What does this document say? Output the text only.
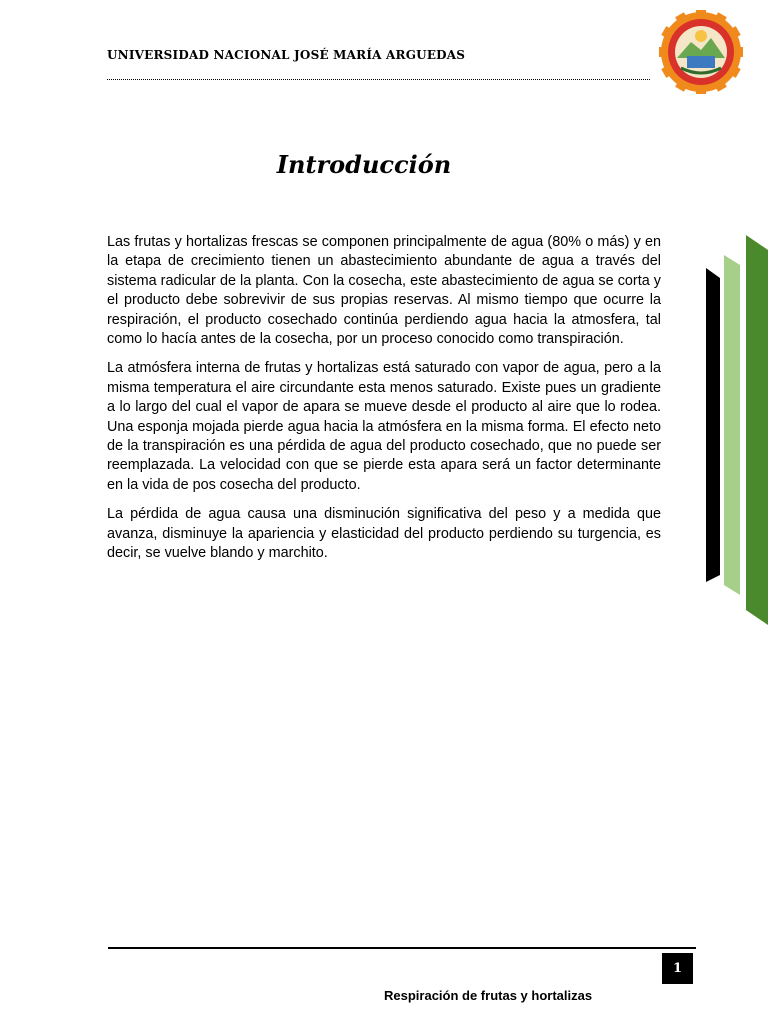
UNIVERSIDAD NACIONAL JOSÉ MARÍA ARGUEDAS
Introducción

Las frutas y hortalizas frescas se componen principalmente de agua (80% o más) y en la etapa de crecimiento tienen un abastecimiento abundante de agua a través del sistema radicular de la planta. Con la cosecha, este abastecimiento de agua se corta y el producto debe sobrevivir de sus propias reservas. Al mismo tiempo que ocurre la respiración, el producto cosechado continúa perdiendo agua hacia la atmosfera, tal como lo hacía antes de la cosecha, por un proceso conocido como transpiración.

La atmósfera interna de frutas y hortalizas está saturado con vapor de agua, pero a la misma temperatura el aire circundante esta menos saturado. Existe pues un gradiente a lo largo del cual el vapor de apara se mueve desde el producto al aire que lo rodea. Una esponja mojada pierde agua hacia la atmósfera en la misma forma. El efecto neto de la transpiración es una pérdida de agua del producto cosechado, que no puede ser reemplazada. La velocidad con que se pierde esta apara será un factor determinante en la vida de pos cosecha del producto.

La pérdida de agua causa una disminución significativa del peso y a medida que avanza, disminuye la apariencia y elasticidad del producto perdiendo su turgencia, es decir, se vuelve blando y marchito.

1
Respiración de frutas y hortalizas
